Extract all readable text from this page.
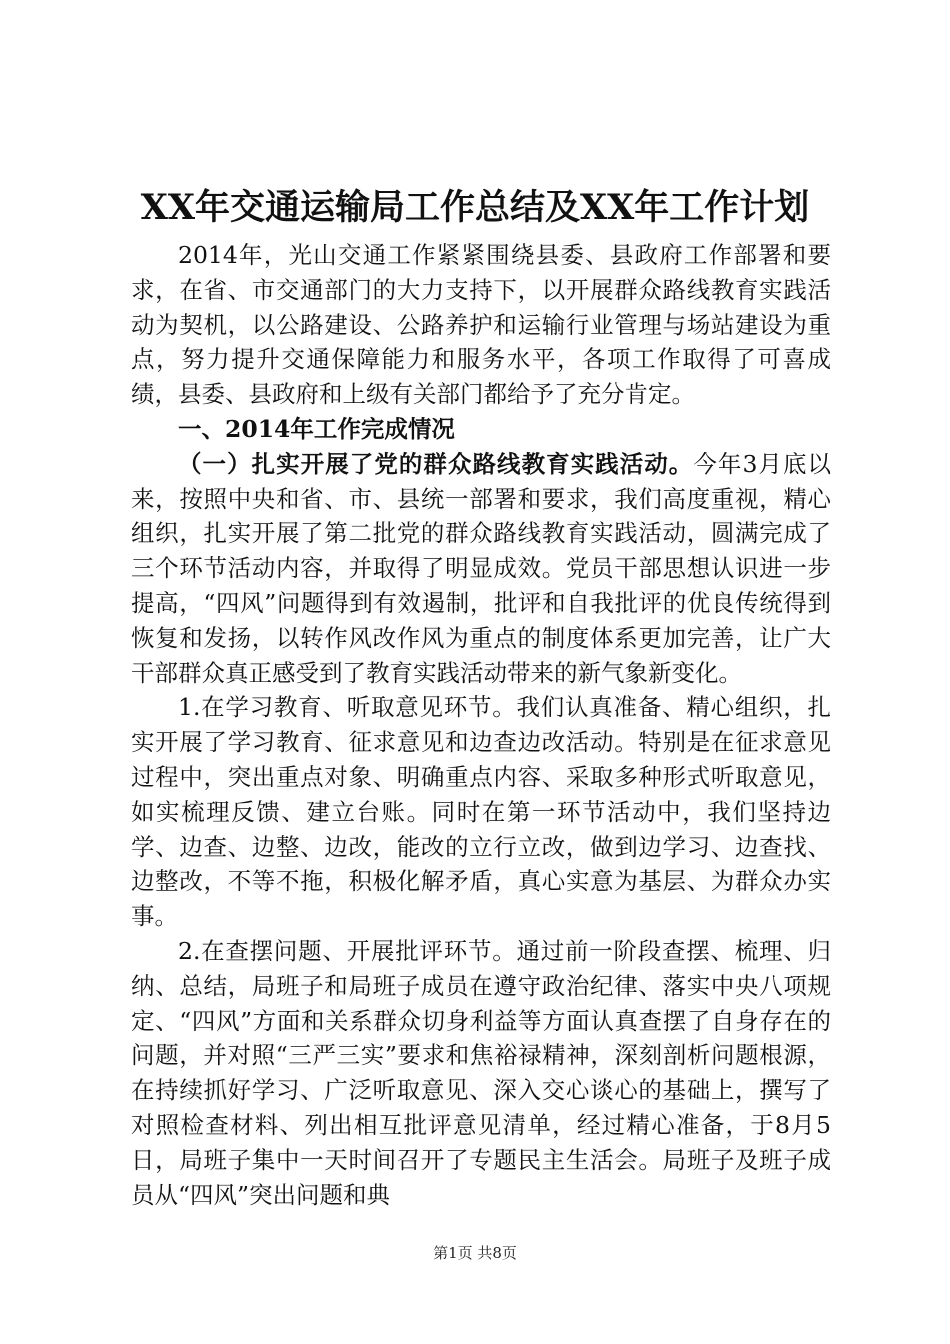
XX年交通运输局工作总结及XX年工作计划

2014年，光山交通工作紧紧围绕县委、县政府工作部署和要求，在省、市交通部门的大力支持下，以开展群众路线教育实践活动为契机，以公路建设、公路养护和运输行业管理与场站建设为重点，努力提升交通保障能力和服务水平，各项工作取得了可喜成绩，县委、县政府和上级有关部门都给予了充分肯定。

一、2014年工作完成情况

（一）扎实开展了党的群众路线教育实践活动。今年3月底以来，按照中央和省、市、县统一部署和要求，我们高度重视，精心组织，扎实开展了第二批党的群众路线教育实践活动，圆满完成了三个环节活动内容，并取得了明显成效。党员干部思想认识进一步提高，“四风”问题得到有效遏制，批评和自我批评的优良传统得到恢复和发扬，以转作风改作风为重点的制度体系更加完善，让广大干部群众真正感受到了教育实践活动带来的新气象新变化。

1.在学习教育、听取意见环节。我们认真准备、精心组织，扎实开展了学习教育、征求意见和边查边改活动。特别是在征求意见过程中，突出重点对象、明确重点内容、采取多种形式听取意见，如实梳理反馈、建立台账。同时在第一环节活动中，我们坚持边学、边查、边整、边改，能改的立行立改，做到边学习、边查找、边整改，不等不拖，积极化解矛盾，真心实意为基层、为群众办实事。

2.在查摆问题、开展批评环节。通过前一阶段查摆、梳理、归纳、总结，局班子和局班子成员在遵守政治纪律、落实中央八项规定、“四风”方面和关系群众切身利益等方面认真查摆了自身存在的问题，并对照“三严三实”要求和焦裕禄精神，深刻剖析问题根源，在持续抓好学习、广泛听取意见、深入交心谈心的基础上，撰写了对照检查材料、列出相互批评意见清单，经过精心准备，于8月5日，局班子集中一天时间召开了专题民主生活会。局班子及班子成员从“四风”突出问题和典

第1页 共8页
